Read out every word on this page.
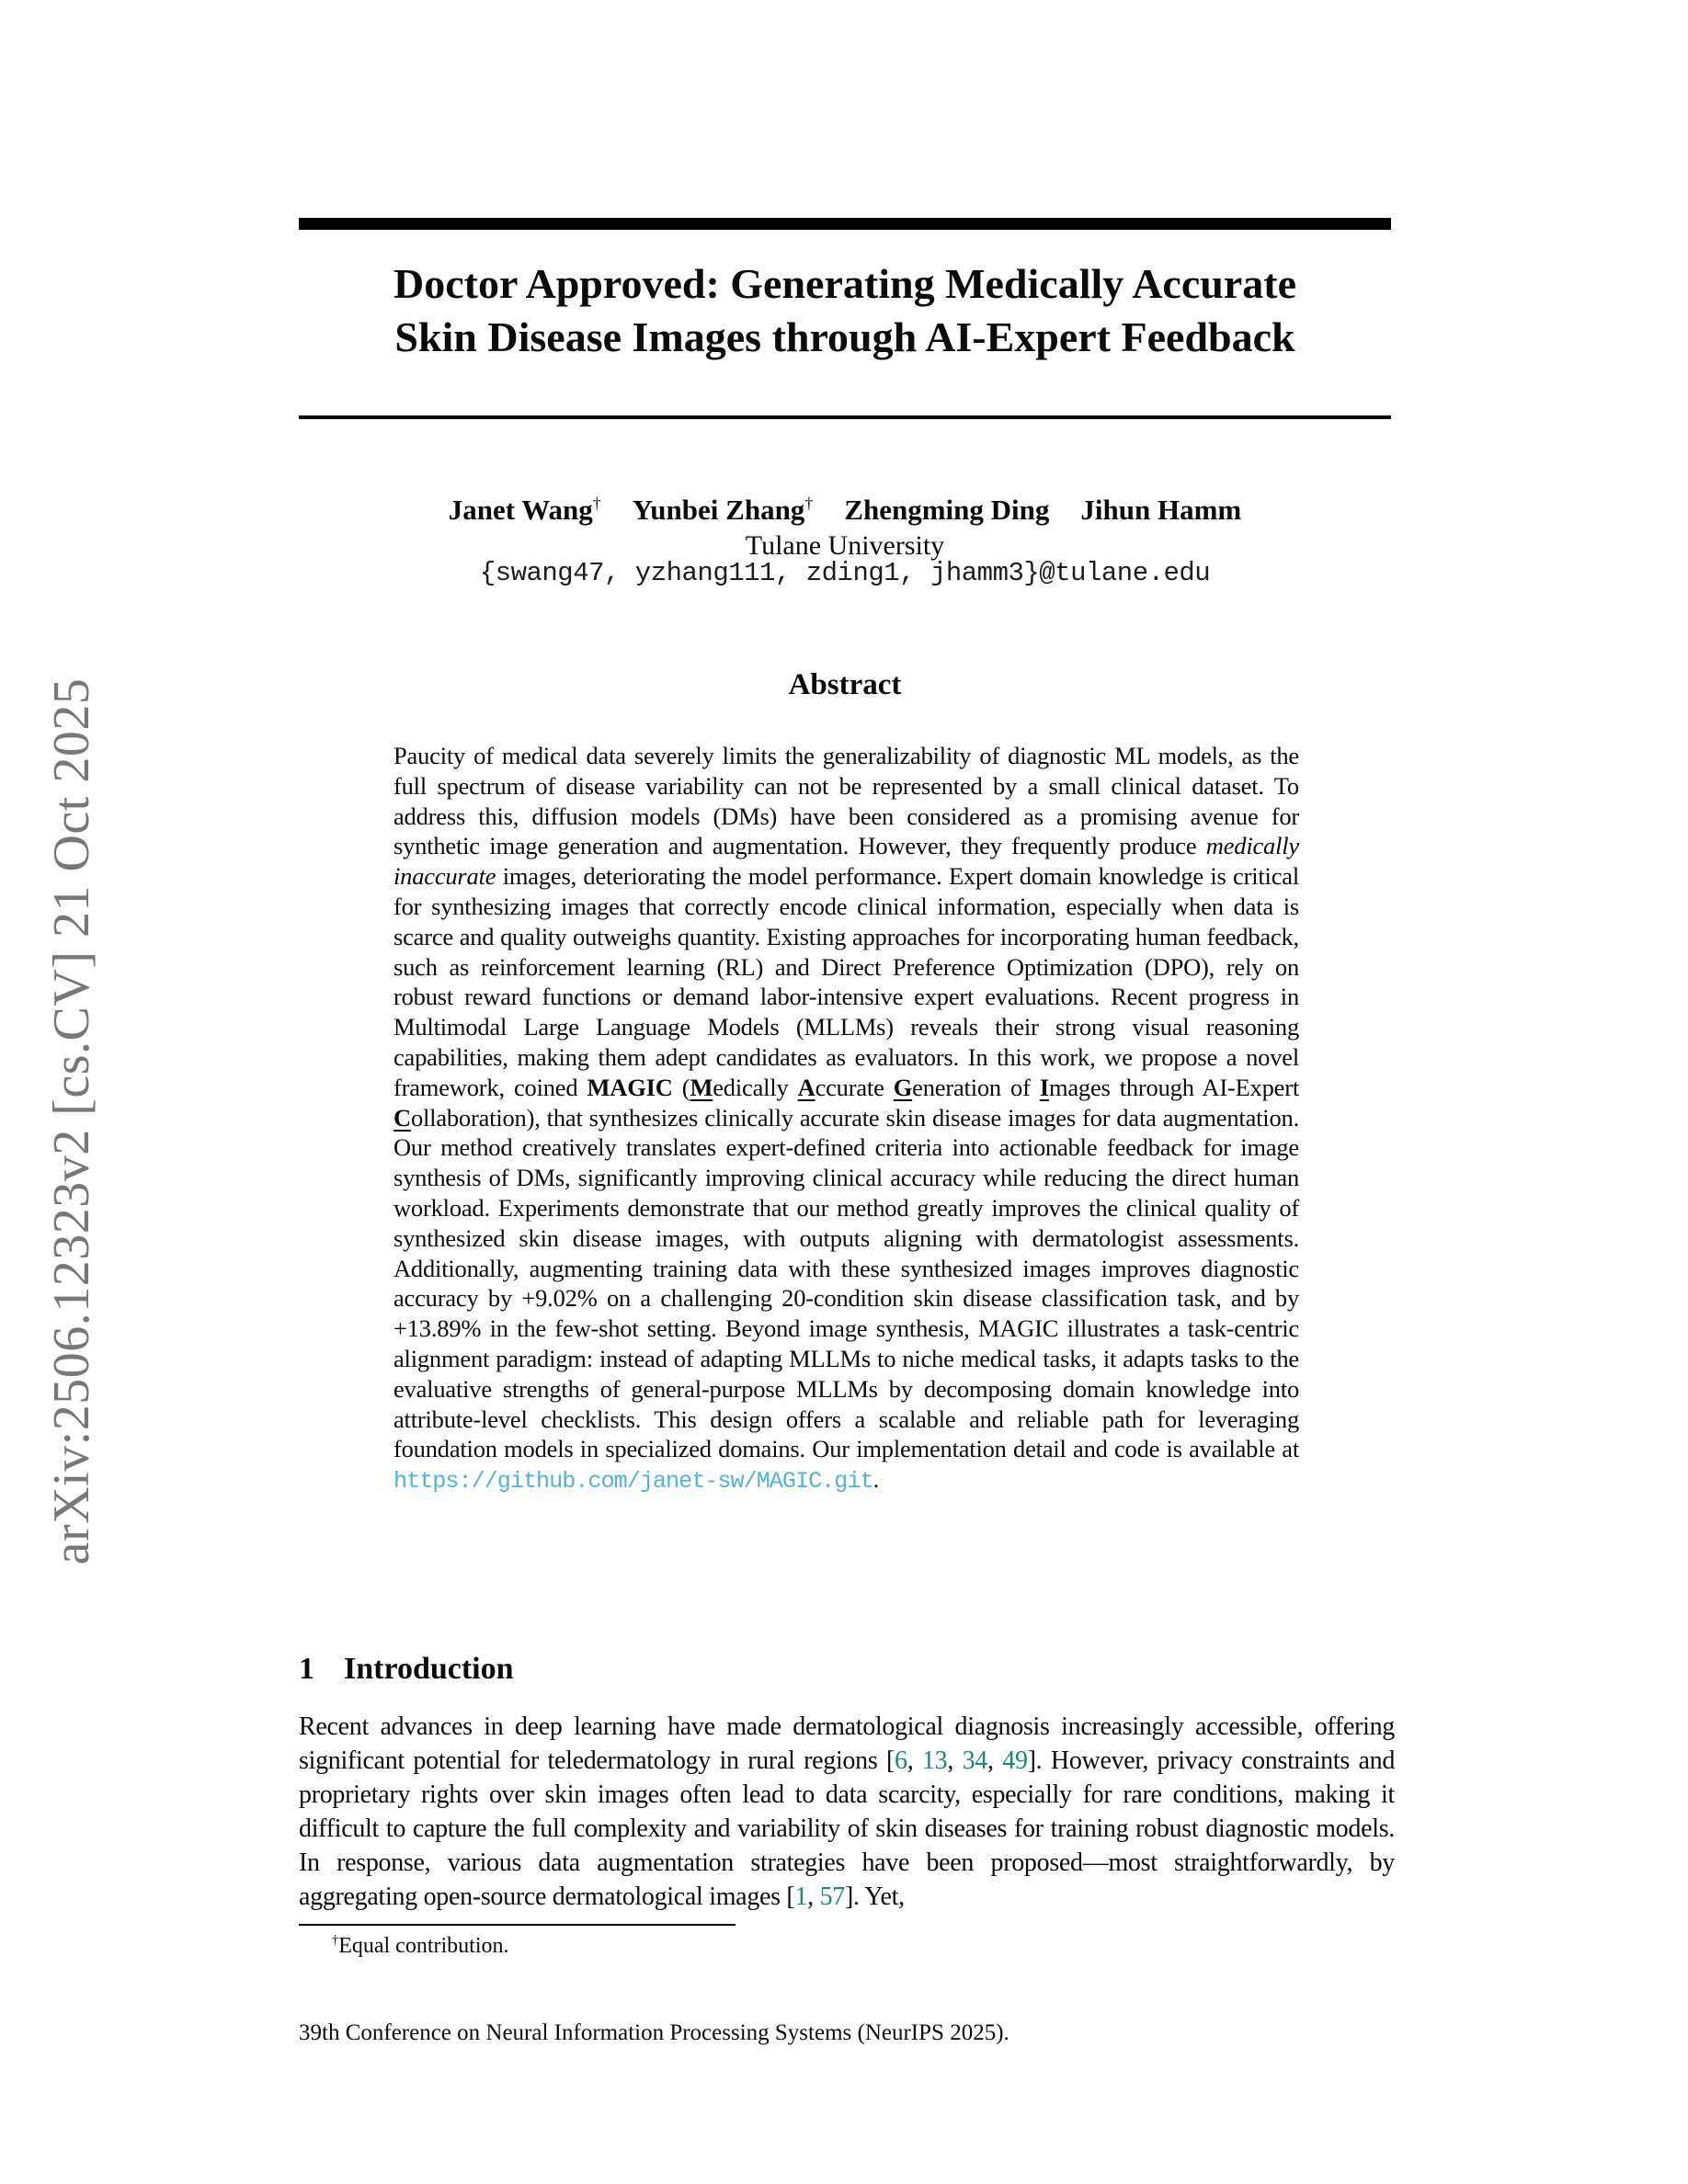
arXiv:2506.12323v2 [cs.CV] 21 Oct 2025
Doctor Approved: Generating Medically Accurate
Skin Disease Images through AI-Expert Feedback
Janet Wang† Yunbei Zhang† Zhengming Ding Jihun Hamm
Tulane University
{swang47, yzhang111, zding1, jhamm3}@tulane.edu
Abstract
Paucity of medical data severely limits the generalizability of diagnostic ML models, as the full spectrum of disease variability can not be represented by a small clinical dataset. To address this, diffusion models (DMs) have been considered as a promising avenue for synthetic image generation and augmentation. However, they frequently produce medically inaccurate images, deteriorating the model performance. Expert domain knowledge is critical for synthesizing images that correctly encode clinical information, especially when data is scarce and quality outweighs quantity. Existing approaches for incorporating human feedback, such as reinforcement learning (RL) and Direct Preference Optimization (DPO), rely on robust reward functions or demand labor-intensive expert evaluations. Recent progress in Multimodal Large Language Models (MLLMs) reveals their strong visual reasoning capabilities, making them adept candidates as evaluators. In this work, we propose a novel framework, coined MAGIC (Medically Accurate Generation of Images through AI-Expert Collaboration), that synthesizes clinically accurate skin disease images for data augmentation. Our method creatively translates expert-defined criteria into actionable feedback for image synthesis of DMs, significantly improving clinical accuracy while reducing the direct human workload. Experiments demonstrate that our method greatly improves the clinical quality of synthesized skin disease images, with outputs aligning with dermatologist assessments. Additionally, augmenting training data with these synthesized images improves diagnostic accuracy by +9.02% on a challenging 20-condition skin disease classification task, and by +13.89% in the few-shot setting. Beyond image synthesis, MAGIC illustrates a task-centric alignment paradigm: instead of adapting MLLMs to niche medical tasks, it adapts tasks to the evaluative strengths of general-purpose MLLMs by decomposing domain knowledge into attribute-level checklists. This design offers a scalable and reliable path for leveraging foundation models in specialized domains. Our implementation detail and code is available at https://github.com/janet-sw/MAGIC.git.
1 Introduction
Recent advances in deep learning have made dermatological diagnosis increasingly accessible, offering significant potential for teledermatology in rural regions [6, 13, 34, 49]. However, privacy constraints and proprietary rights over skin images often lead to data scarcity, especially for rare conditions, making it difficult to capture the full complexity and variability of skin diseases for training robust diagnostic models. In response, various data augmentation strategies have been proposed—most straightforwardly, by aggregating open-source dermatological images [1, 57]. Yet,
†Equal contribution.
39th Conference on Neural Information Processing Systems (NeurIPS 2025).
